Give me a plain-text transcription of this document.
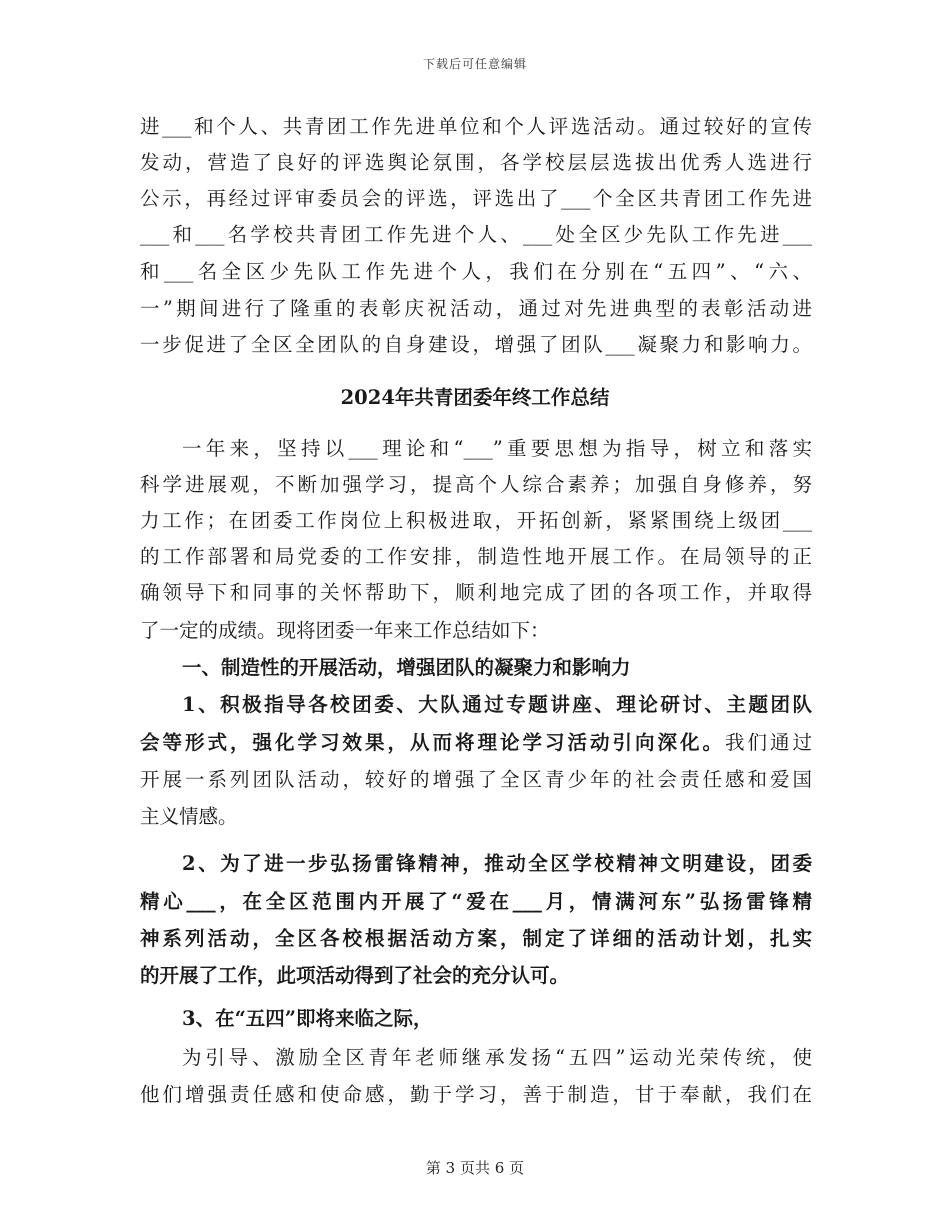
下载后可任意编辑
进___和个人、共青团工作先进单位和个人评选活动。通过较好的宣传
发动，营造了良好的评选舆论氛围，各学校层层选拔出优秀人选进行
公示，再经过评审委员会的评选，评选出了___个全区共青团工作先进
___和___名学校共青团工作先进个人、___处全区少先队工作先进___
和___名全区少先队工作先进个人，我们在分别在“五四”、“六、
一”期间进行了隆重的表彰庆祝活动，通过对先进典型的表彰活动进
一步促进了全区全团队的自身建设，增强了团队___凝聚力和影响力。
2024年共青团委年终工作总结
一年来，坚持以___理论和“___”重要思想为指导，树立和落实
科学进展观，不断加强学习，提高个人综合素养；加强自身修养，努
力工作；在团委工作岗位上积极进取，开拓创新，紧紧围绕上级团___
的工作部署和局党委的工作安排，制造性地开展工作。在局领导的正
确领导下和同事的关怀帮助下，顺利地完成了团的各项工作，并取得
了一定的成绩。现将团委一年来工作总结如下：
一、制造性的开展活动，增强团队的凝聚力和影响力
1、积极指导各校团委、大队通过专题讲座、理论研讨、主题团队
会等形式，强化学习效果，从而将理论学习活动引向深化。我们通过
开展一系列团队活动，较好的增强了全区青少年的社会责任感和爱国
主义情感。
2、为了进一步弘扬雷锋精神，推动全区学校精神文明建设，团委
精心___，在全区范围内开展了“爱在___月，情满河东”弘扬雷锋精
神系列活动，全区各校根据活动方案，制定了详细的活动计划，扎实
的开展了工作，此项活动得到了社会的充分认可。
3、在“五四”即将来临之际，
为引导、激励全区青年老师继承发扬“五四”运动光荣传统，使
他们增强责任感和使命感，勤于学习，善于制造，甘于奉献，我们在
第 3 页共 6 页
